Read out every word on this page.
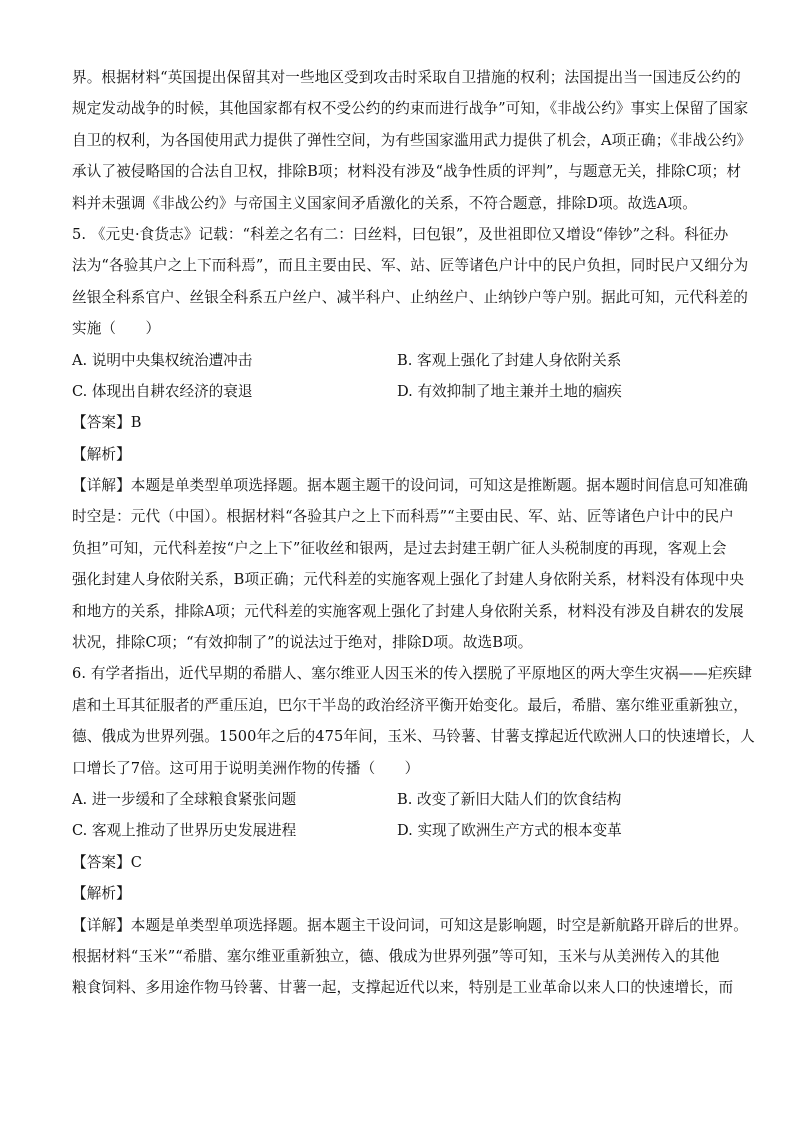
界。根据材料“英国提出保留其对一些地区受到攻击时采取自卫措施的权利；法国提出当一国违反公约的
规定发动战争的时候，其他国家都有权不受公约的约束而进行战争”可知，《非战公约》事实上保留了国家
自卫的权利，为各国使用武力提供了弹性空间，为有些国家滥用武力提供了机会，A项正确；《非战公约》
承认了被侵略国的合法自卫权，排除B项；材料没有涉及“战争性质的评判”，与题意无关，排除C项；材
料并未强调《非战公约》与帝国主义国家间矛盾激化的关系，不符合题意，排除D项。故选A项。
5. 《元史·食货志》记载：“科差之名有二：曰丝料，曰包银”，及世祖即位又增设“俸钞”之科。科征办
法为“各验其户之上下而科焉”，而且主要由民、军、站、匠等诸色户计中的民户负担，同时民户又细分为
丝银全科系官户、丝银全科系五户丝户、减半科户、止纳丝户、止纳钞户等户别。据此可知，元代科差的
实施（　　）
A. 说明中央集权统治遭冲击	B. 客观上强化了封建人身依附关系
C. 体现出自耕农经济的衰退	D. 有效抑制了地主兼并土地的痼疾
【答案】B
【解析】
【详解】本题是单类型单项选择题。据本题主题干的设问词，可知这是推断题。据本题时间信息可知准确
时空是：元代（中国）。根据材料“各验其户之上下而科焉”“主要由民、军、站、匠等诸色户计中的民户
负担”可知，元代科差按“户之上下”征收丝和银两，是过去封建王朝广征人头税制度的再现，客观上会
强化封建人身依附关系，B项正确；元代科差的实施客观上强化了封建人身依附关系，材料没有体现中央
和地方的关系，排除A项；元代科差的实施客观上强化了封建人身依附关系，材料没有涉及自耕农的发展
状况，排除C项；“有效抑制了”的说法过于绝对，排除D项。故选B项。
6. 有学者指出，近代早期的希腊人、塞尔维亚人因玉米的传入摆脱了平原地区的两大孪生灾祸——疟疾肆
虐和土耳其征服者的严重压迫，巴尔干半岛的政治经济平衡开始变化。最后，希腊、塞尔维亚重新独立，
德、俄成为世界列强。1500年之后的475年间，玉米、马铃薯、甘薯支撑起近代欧洲人口的快速增长，人
口增长了7倍。这可用于说明美洲作物的传播（　　）
A. 进一步缓和了全球粮食紧张问题	B. 改变了新旧大陆人们的饮食结构
C. 客观上推动了世界历史发展进程	D. 实现了欧洲生产方式的根本变革
【答案】C
【解析】
【详解】本题是单类型单项选择题。据本题主干设问词，可知这是影响题，时空是新航路开辟后的世界。
根据材料“玉米”“希腊、塞尔维亚重新独立，德、俄成为世界列强”等可知，玉米与从美洲传入的其他
粮食饲料、多用途作物马铃薯、甘薯一起，支撑起近代以来，特别是工业革命以来人口的快速增长，而
